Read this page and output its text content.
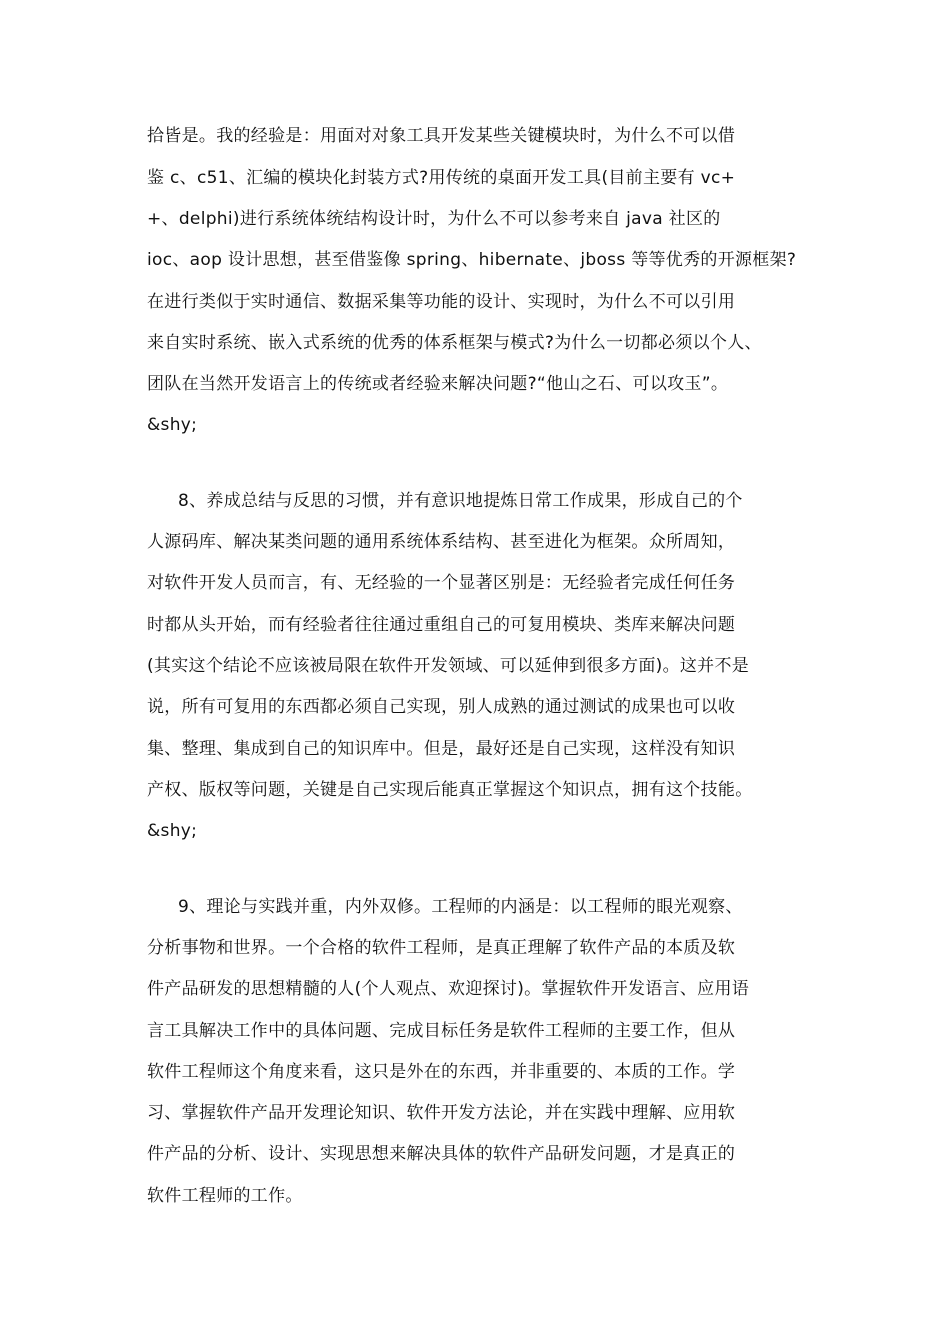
拾皆是。我的经验是：用面对对象工具开发某些关键模块时，为什么不可以借
鉴 c、c51、汇编的模块化封装方式?用传统的桌面开发工具(目前主要有 vc+
+、delphi)进行系统体统结构设计时，为什么不可以参考来自 java 社区的
ioc、aop 设计思想，甚至借鉴像 spring、hibernate、jboss 等等优秀的开源框架?
在进行类似于实时通信、数据采集等功能的设计、实现时，为什么不可以引用
来自实时系统、嵌入式系统的优秀的体系框架与模式?为什么一切都必须以个人、
团队在当然开发语言上的传统或者经验来解决问题?“他山之石、可以攻玉”。
&shy;
8、养成总结与反思的习惯，并有意识地提炼日常工作成果，形成自己的个
人源码库、解决某类问题的通用系统体系结构、甚至进化为框架。众所周知，
对软件开发人员而言，有、无经验的一个显著区别是：无经验者完成任何任务
时都从头开始，而有经验者往往通过重组自己的可复用模块、类库来解决问题
(其实这个结论不应该被局限在软件开发领域、可以延伸到很多方面)。这并不是
说，所有可复用的东西都必须自己实现，别人成熟的通过测试的成果也可以收
集、整理、集成到自己的知识库中。但是，最好还是自己实现，这样没有知识
产权、版权等问题，关键是自己实现后能真正掌握这个知识点，拥有这个技能。
&shy;
9、理论与实践并重，内外双修。工程师的内涵是：以工程师的眼光观察、
分析事物和世界。一个合格的软件工程师，是真正理解了软件产品的本质及软
件产品研发的思想精髓的人(个人观点、欢迎探讨)。掌握软件开发语言、应用语
言工具解决工作中的具体问题、完成目标任务是软件工程师的主要工作，但从
软件工程师这个角度来看，这只是外在的东西，并非重要的、本质的工作。学
习、掌握软件产品开发理论知识、软件开发方法论，并在实践中理解、应用软
件产品的分析、设计、实现思想来解决具体的软件产品研发问题，才是真正的
软件工程师的工作。
